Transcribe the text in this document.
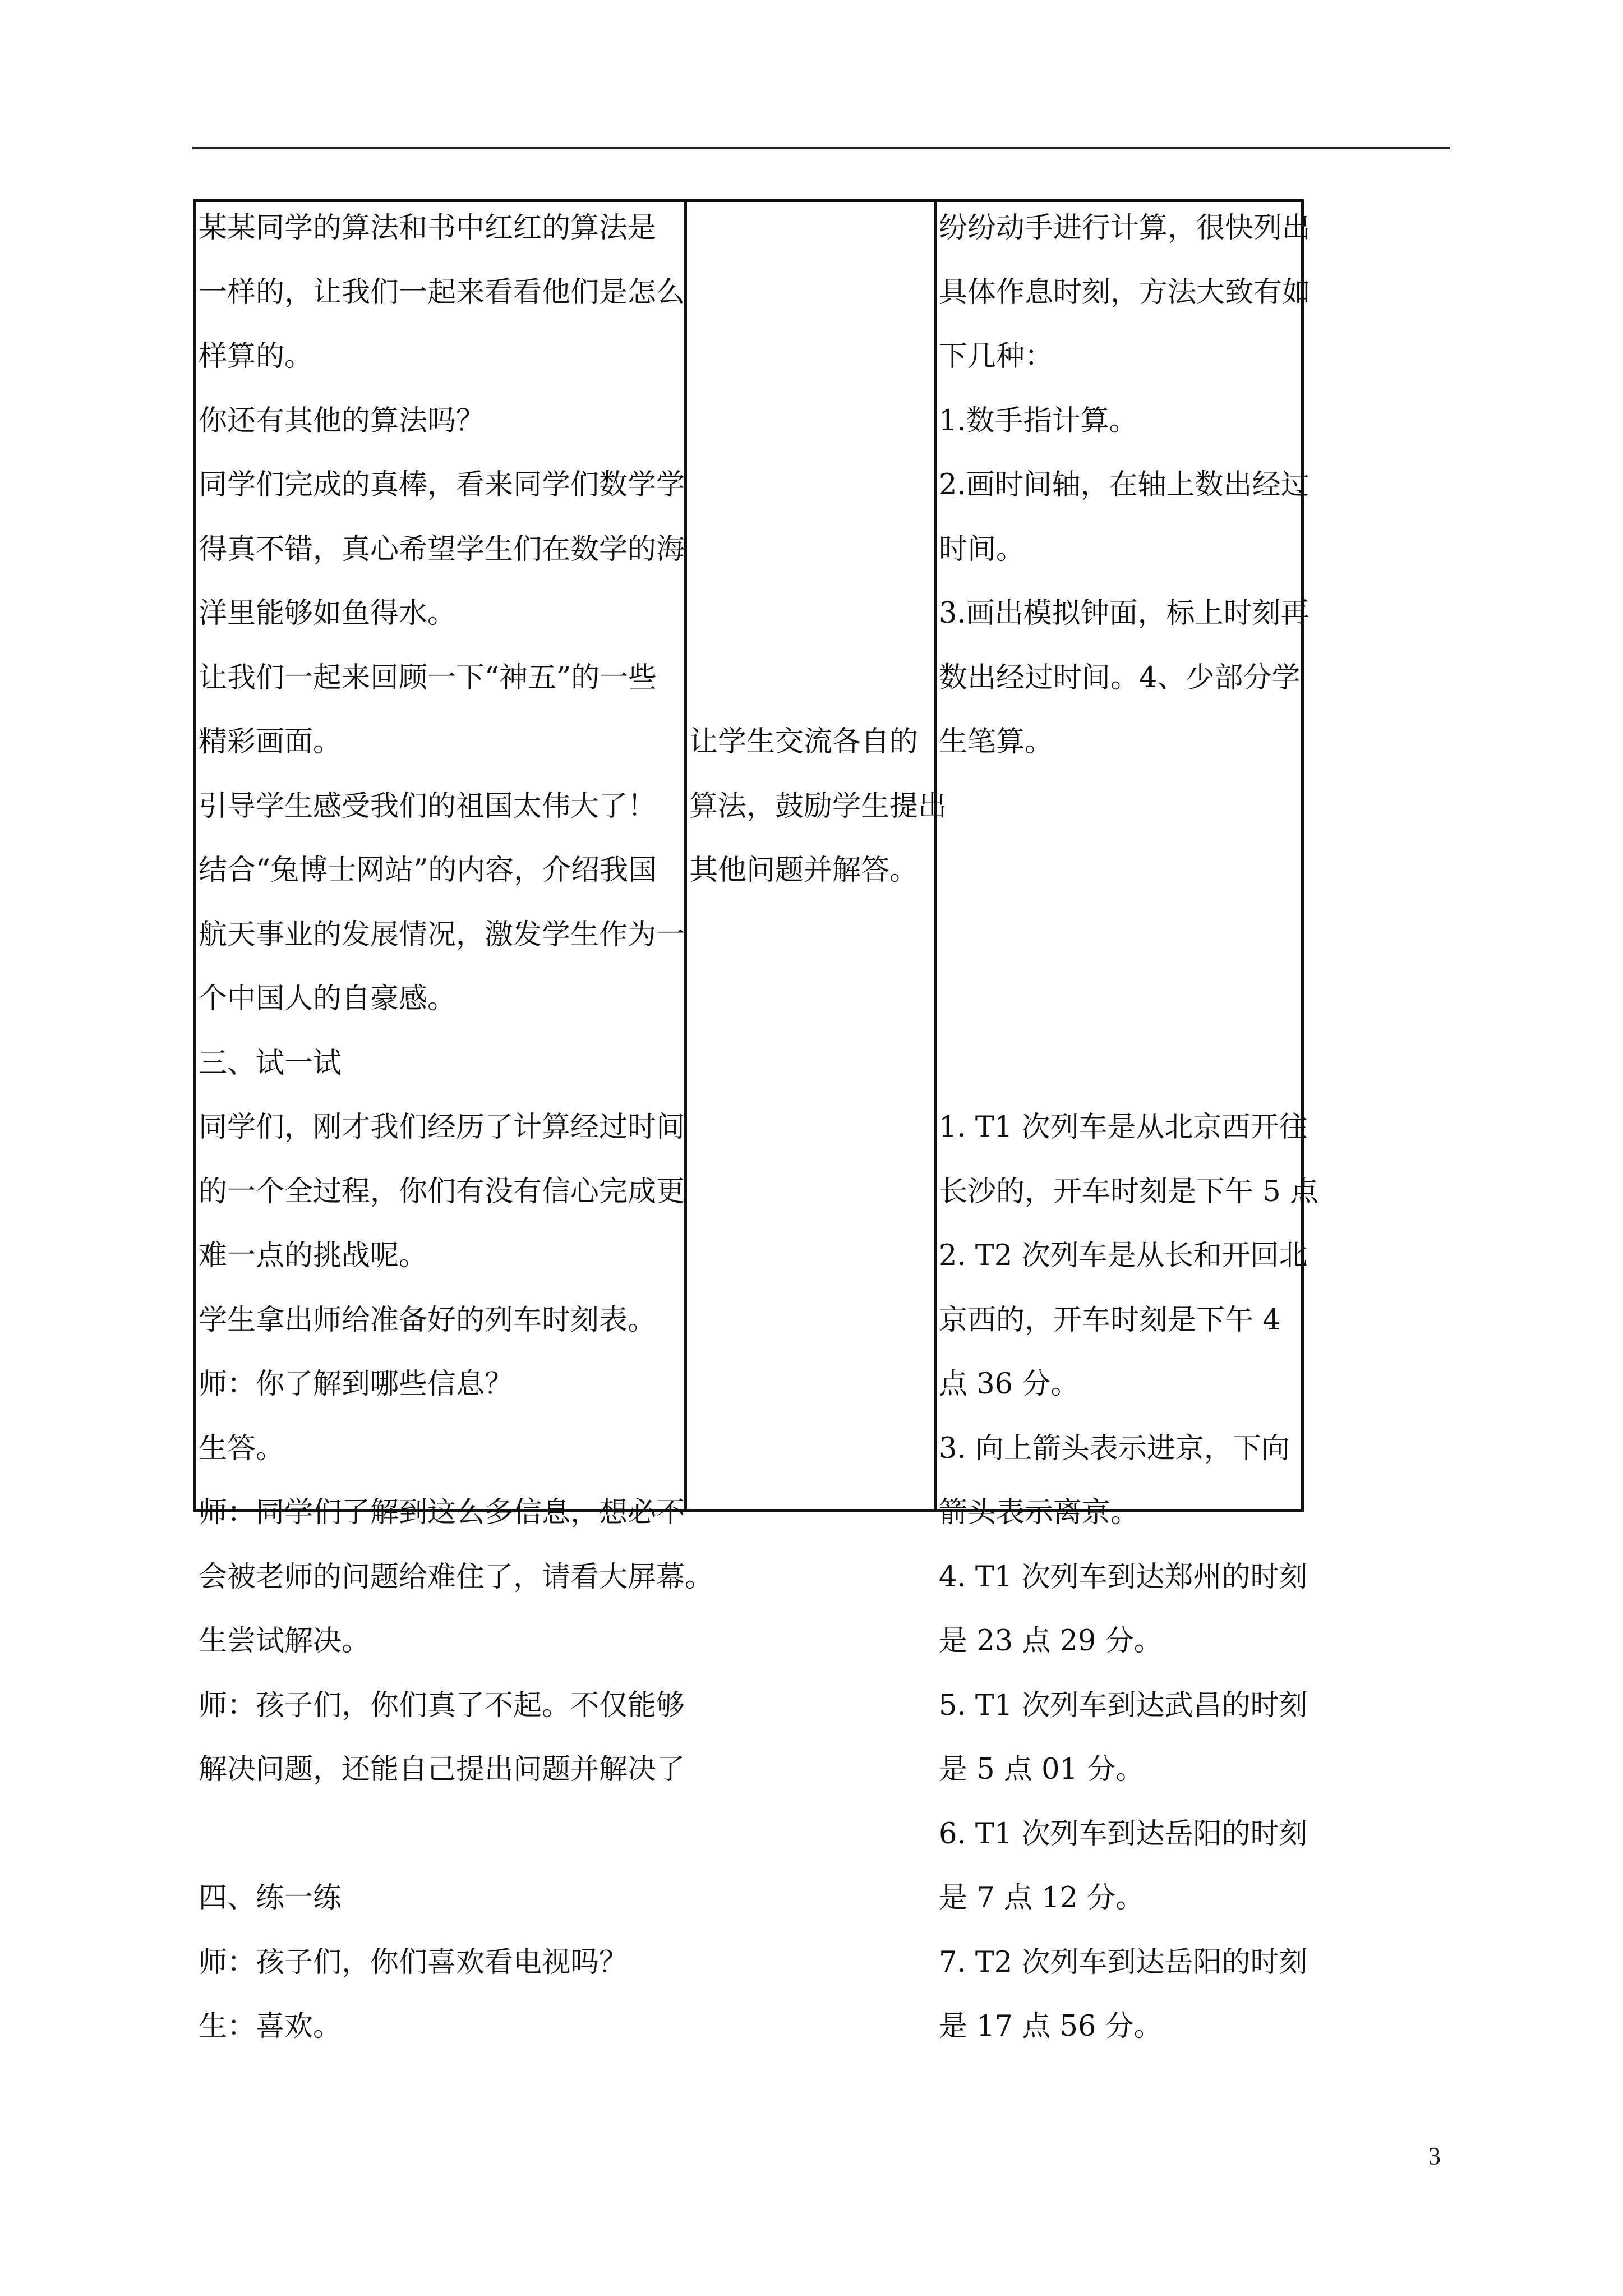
某某同学的算法和书中红红的算法是
一样的，让我们一起来看看他们是怎么
样算的。
你还有其他的算法吗？
同学们完成的真棒，看来同学们数学学
得真不错，真心希望学生们在数学的海
洋里能够如鱼得水。
让我们一起来回顾一下“神五”的一些
精彩画面。
引导学生感受我们的祖国太伟大了！
结合“兔博士网站”的内容，介绍我国
航天事业的发展情况，激发学生作为一
个中国人的自豪感。
三、试一试
同学们，刚才我们经历了计算经过时间
的一个全过程，你们有没有信心完成更
难一点的挑战呢。
学生拿出师给准备好的列车时刻表。
师：你了解到哪些信息？
生答。
师：同学们了解到这么多信息，想必不
会被老师的问题给难住了，请看大屏幕。
生尝试解决。
师：孩子们，你们真了不起。不仅能够
解决问题，还能自己提出问题并解决了
四、练一练
师：孩子们，你们喜欢看电视吗？
生：喜欢。
让学生交流各自的
算法，鼓励学生提出
其他问题并解答。
纷纷动手进行计算，很快列出
具体作息时刻，方法大致有如
下几种：
1.数手指计算。
2.画时间轴，在轴上数出经过
时间。
3.画出模拟钟面，标上时刻再
数出经过时间。4、少部分学
生笔算。
1. T1 次列车是从北京西开往
长沙的，开车时刻是下午 5 点
2. T2 次列车是从长和开回北
京西的，开车时刻是下午 4
点 36 分。
3. 向上箭头表示进京，下向
箭头表示离京。
4. T1 次列车到达郑州的时刻
是 23 点 29 分。
5. T1 次列车到达武昌的时刻
是 5 点 01 分。
6. T1 次列车到达岳阳的时刻
是 7 点 12 分。
7. T2 次列车到达岳阳的时刻
是 17 点 56 分。
3
